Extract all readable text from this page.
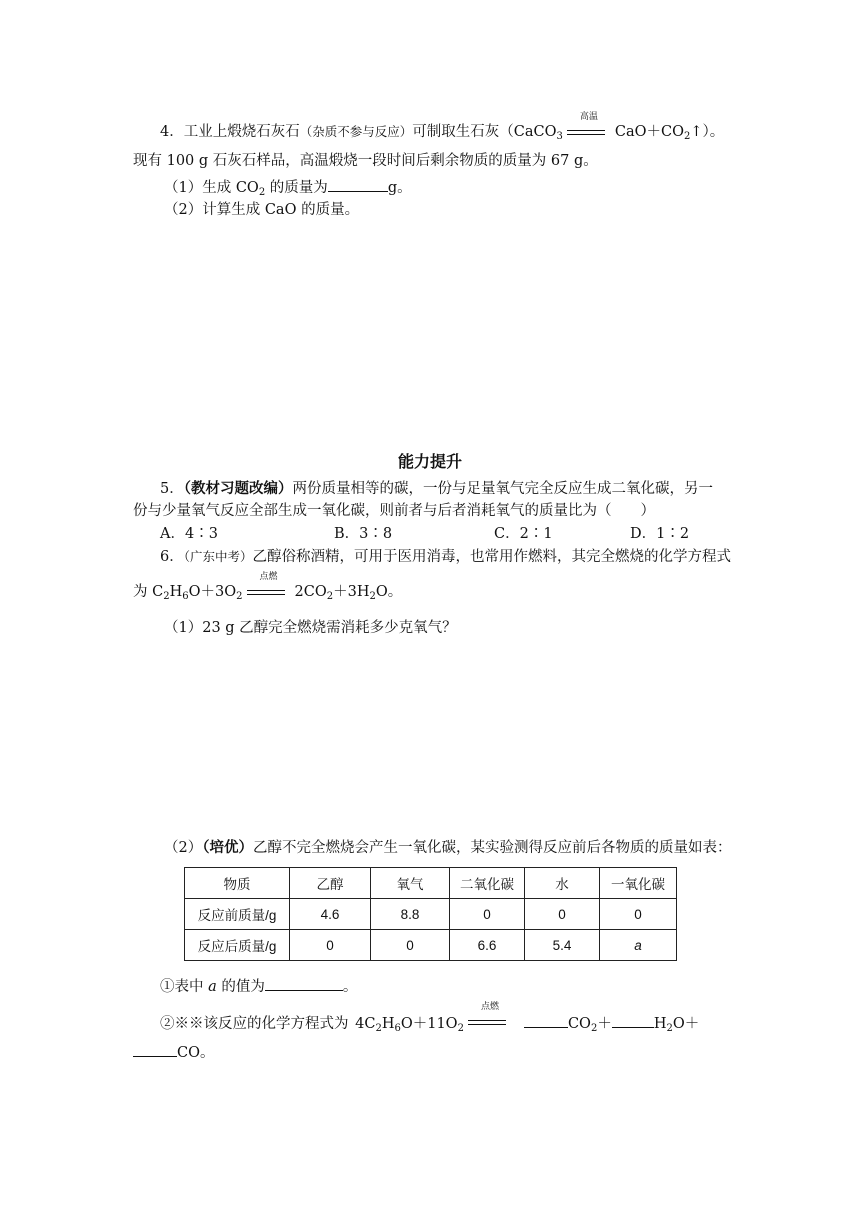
4．工业上煅烧石灰石（杂质不参与反应）可制取生石灰（CaCO$_3$
高温
$CaO+CO_2↑$）。
现有 100 g 石灰石样品，高温煅烧一段时间后剩余物质的质量为 67 g。
（1）生成 $CO_2$ 的质量为	g。
（2）计算生成 CaO 的质量。
能力提升
5．（教材习题改编）两份质量相等的碳，一份与足量氧气完全反应生成二氧化碳，另一
份与少量氧气反应全部生成一氧化碳，则前者与后者消耗氧气的质量比为（　　）
A．4∶3	B．3∶8	C．2∶1	D．1∶2
6．（广东中考）乙醇俗称酒精，可用于医用消毒，也常用作燃料，其完全燃烧的化学方程式
为 $C_2H_6O+3O_2$
点燃
$2CO_2+3H_2O$。
（1）23 g 乙醇完全燃烧需消耗多少克氧气？
（2）（培优）乙醇不完全燃烧会产生一氧化碳，某实验测得反应前后各物质的质量如表：
物质	乙醇	氧气	二氧化碳	水	一氧化碳
反应前质量/g	4.6	8.8	0	0	0
反应后质量/g	0	0	6.6	5.4	a
①表中 a 的值为	。
②※※该反应的化学方程式为 $4C_2H_6O+11O_2$
点燃
$CO_2+$	$H_2O+$
CO。
